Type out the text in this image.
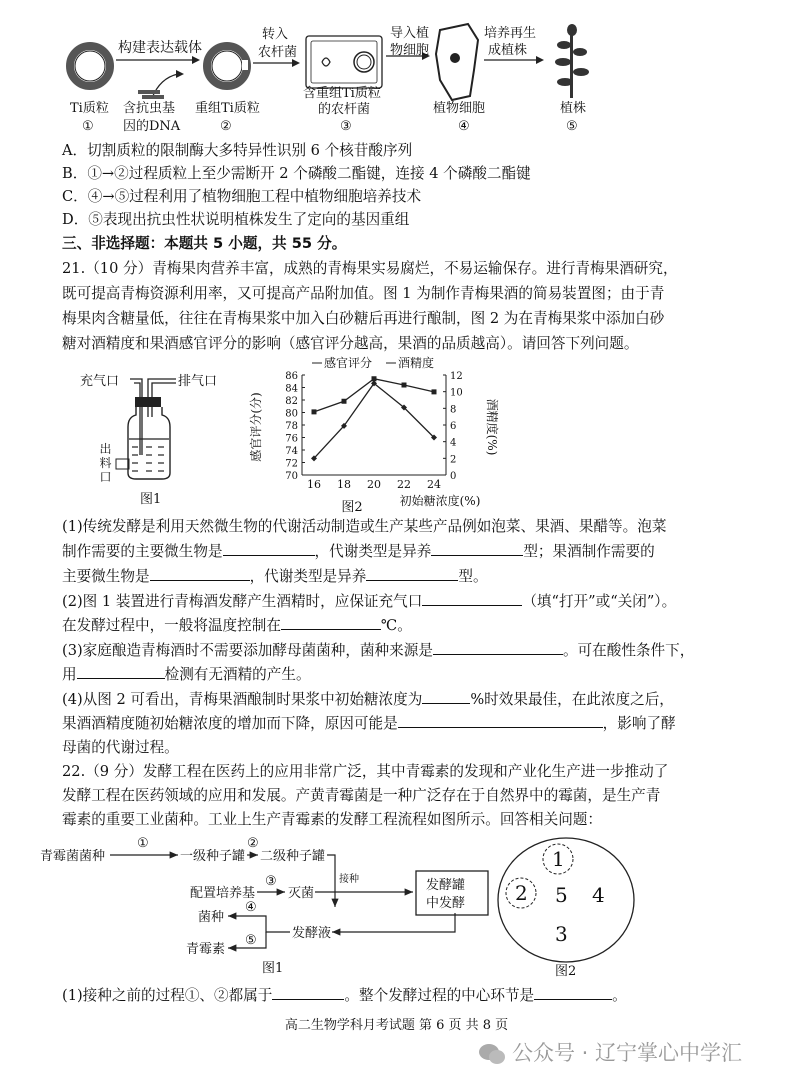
构建表达载体
转入
农杆菌
导入植
物细胞
培养再生
成植株
Ti质粒
①
含抗虫基
因的DNA
重组Ti质粒
②
含重组Ti质粒
的农杆菌
③
植物细胞
④
植株
⑤
A．切割质粒的限制酶大多特异性识别 6 个核苷酸序列
B．①→②过程质粒上至少需断开 2 个磷酸二酯键，连接 4 个磷酸二酯键
C．④→⑤过程利用了植物细胞工程中植物细胞培养技术
D．⑤表现出抗虫性状说明植株发生了定向的基因重组
三、非选择题：本题共 5 小题，共 55 分。
21.（10 分）青梅果肉营养丰富，成熟的青梅果实易腐烂，不易运输保存。进行青梅果酒研究，
既可提高青梅资源利用率，又可提高产品附加值。图 1 为制作青梅果酒的简易装置图；由于青
梅果肉含糖量低，往往在青梅果浆中加入白砂糖后再进行酿制，图 2 为在青梅果浆中添加白砂
糖对酒精度和果酒感官评分的影响（感官评分越高，果酒的品质越高）。请回答下列问题。
充气口	排气口
图1
出料口	70
72
74
76
78
80
82
84
86
0
2
4
6
8
10
12
16 18 20 22 24
感官评分 酒精度
感官评分(分)	酒精度(%)
初始糖浓度(%)
图2
(1)传统发酵是利用天然微生物的代谢活动制造或生产某些产品例如泡菜、果酒、果醋等。泡菜
制作需要的主要微生物是	，代谢类型是异养	型；果酒制作需要的
主要微生物是	，代谢类型是异养	型。
(2)图 1 装置进行青梅酒发酵产生酒精时，应保证充气口	（填“打开”或“关闭”）。
在发酵过程中，一般将温度控制在	℃。
(3)家庭酿造青梅酒时不需要添加酵母菌菌种，菌种来源是	。可在酸性条件下，
用	检测有无酒精的产生。
(4)从图 2 可看出，青梅果酒酿制时果浆中初始糖浓度为	%时效果最佳，在此浓度之后，
果酒酒精度随初始糖浓度的增加而下降，原因可能是	，影响了酵
母菌的代谢过程。
22.（9 分）发酵工程在医药上的应用非常广泛，其中青霉素的发现和产业化生产进一步推动了
发酵工程在医药领域的应用和发展。产黄青霉菌是一种广泛存在于自然界中的霉菌，是生产青
霉素的重要工业菌种。工业上生产青霉素的发酵工程流程如图所示。回答相关问题：
青霉菌菌种	一级种子罐 二级种子罐
接种
配置培养基	灭菌
发酵罐
中发酵
发酵液
菌种
青霉素
①	②
③
④
⑤
图1
1
2
3
4
5
图2
(1)接种之前的过程①、②都属于	。整个发酵过程的中心环节是	。
高二生物学科月考试题 第 6 页 共 8 页
公众号 · 辽宁掌心中学汇
